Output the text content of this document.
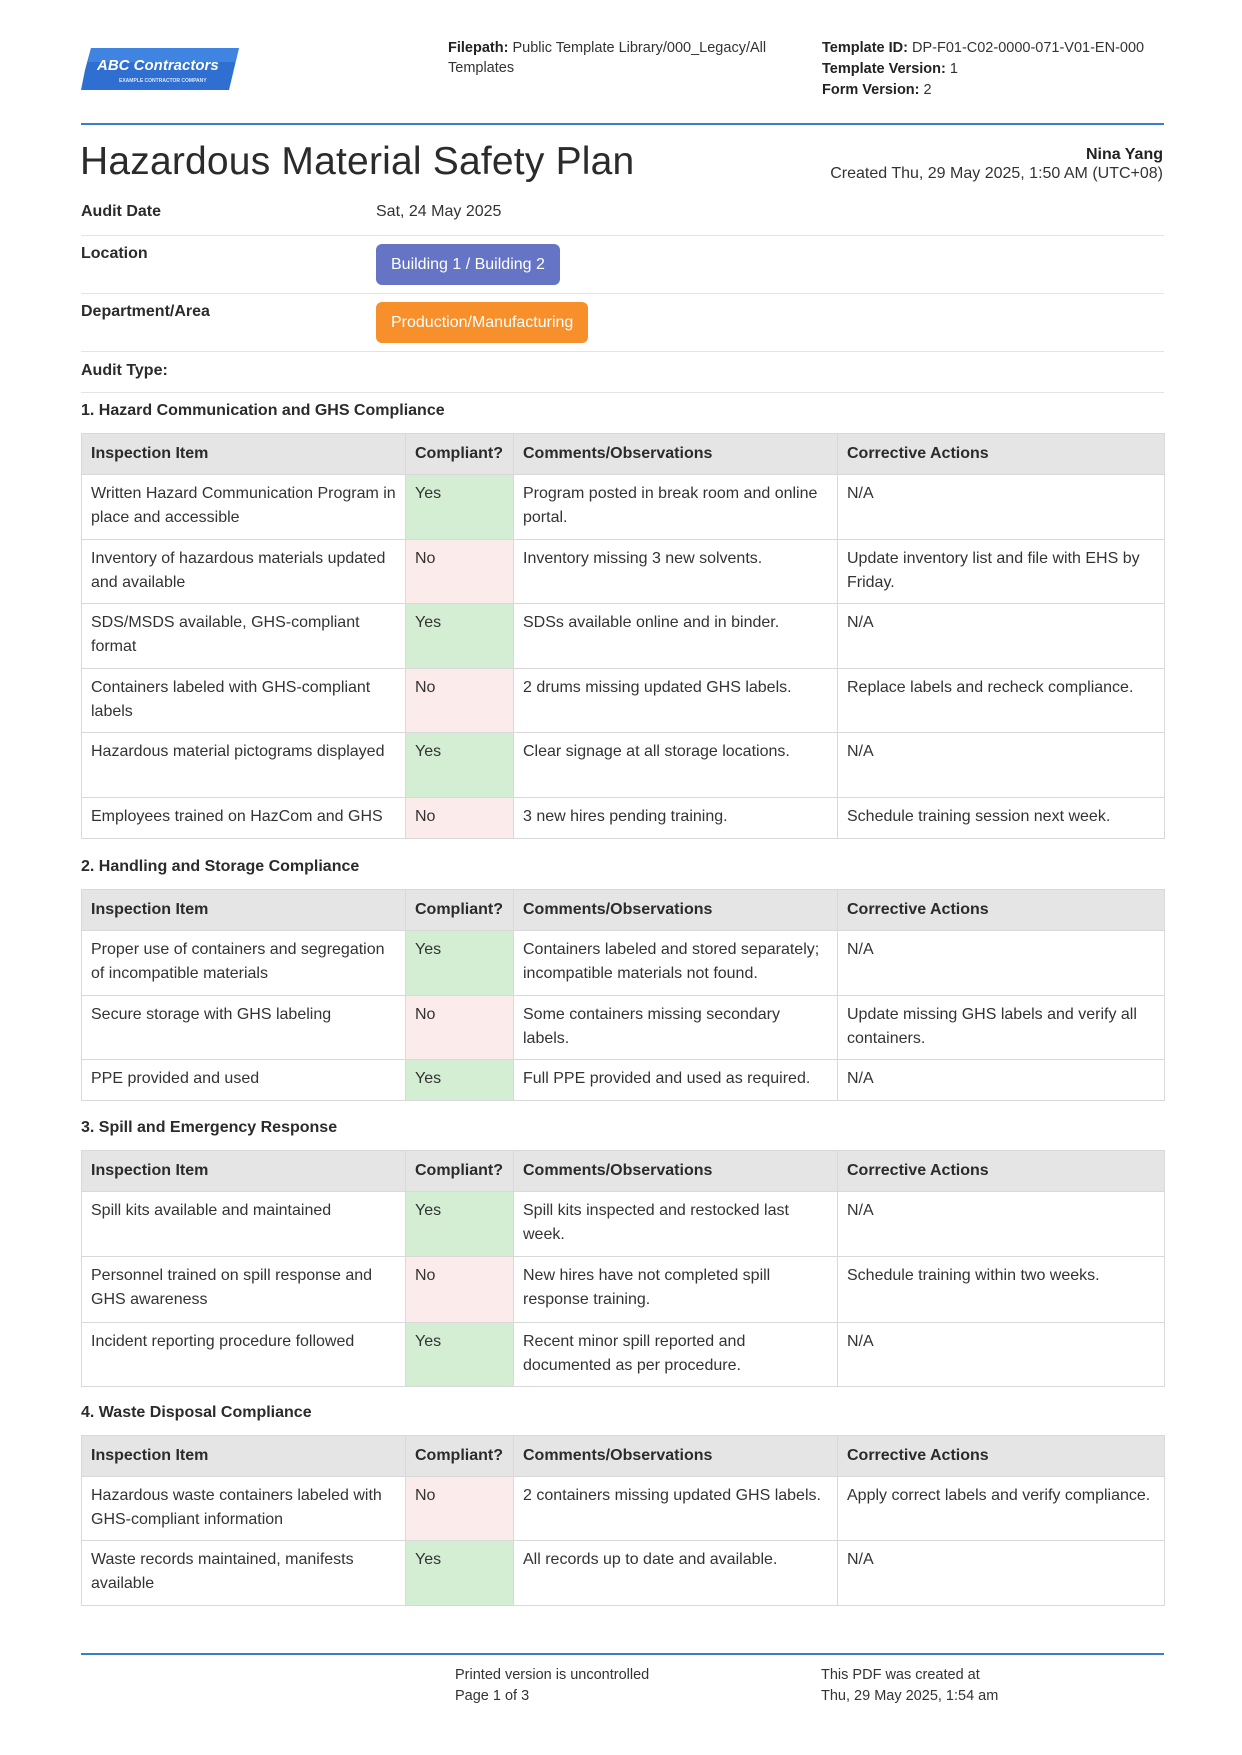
ABC Contractors
EXAMPLE CONTRACTOR COMPANY
Filepath: Public Template Library/000_Legacy/All Templates
Template ID: DP-F01-C02-0000-071-V01-EN-000
Template Version: 1
Form Version: 2
Hazardous Material Safety Plan	Nina Yang
Created Thu, 29 May 2025, 1:50 AM (UTC+08)
Audit Date	Sat, 24 May 2025
Location
Building 1 / Building 2
Department/Area
Production/Manufacturing
Audit Type:
1. Hazard Communication and GHS Compliance
Inspection Item	Compliant?	Comments/Observations	Corrective Actions
Written Hazard Communication Program in place and accessible	Yes	Program posted in break room and online portal.	N/A
Inventory of hazardous materials updated and available	No	Inventory missing 3 new solvents.	Update inventory list and file with EHS by Friday.
SDS/MSDS available, GHS-compliant format	Yes	SDSs available online and in binder.	N/A
Containers labeled with GHS-compliant labels	No	2 drums missing updated GHS labels.	Replace labels and recheck compliance.
Hazardous material pictograms displayed	Yes	Clear signage at all storage locations.	N/A
Employees trained on HazCom and GHS	No	3 new hires pending training.	Schedule training session next week.
2. Handling and Storage Compliance
Inspection Item	Compliant?	Comments/Observations	Corrective Actions
Proper use of containers and segregation of incompatible materials	Yes	Containers labeled and stored separately; incompatible materials not found.	N/A
Secure storage with GHS labeling	No	Some containers missing secondary labels.	Update missing GHS labels and verify all containers.
PPE provided and used	Yes	Full PPE provided and used as required.	N/A
3. Spill and Emergency Response
Inspection Item	Compliant?	Comments/Observations	Corrective Actions
Spill kits available and maintained	Yes	Spill kits inspected and restocked last week.	N/A
Personnel trained on spill response and GHS awareness	No	New hires have not completed spill response training.	Schedule training within two weeks.
Incident reporting procedure followed	Yes	Recent minor spill reported and documented as per procedure.	N/A
4. Waste Disposal Compliance
Inspection Item	Compliant?	Comments/Observations	Corrective Actions
Hazardous waste containers labeled with GHS-compliant information	No	2 containers missing updated GHS labels.	Apply correct labels and verify compliance.
Waste records maintained, manifests available	Yes	All records up to date and available.	N/A
Printed version is uncontrolled
Page 1 of 3
This PDF was created at
Thu, 29 May 2025, 1:54 am
